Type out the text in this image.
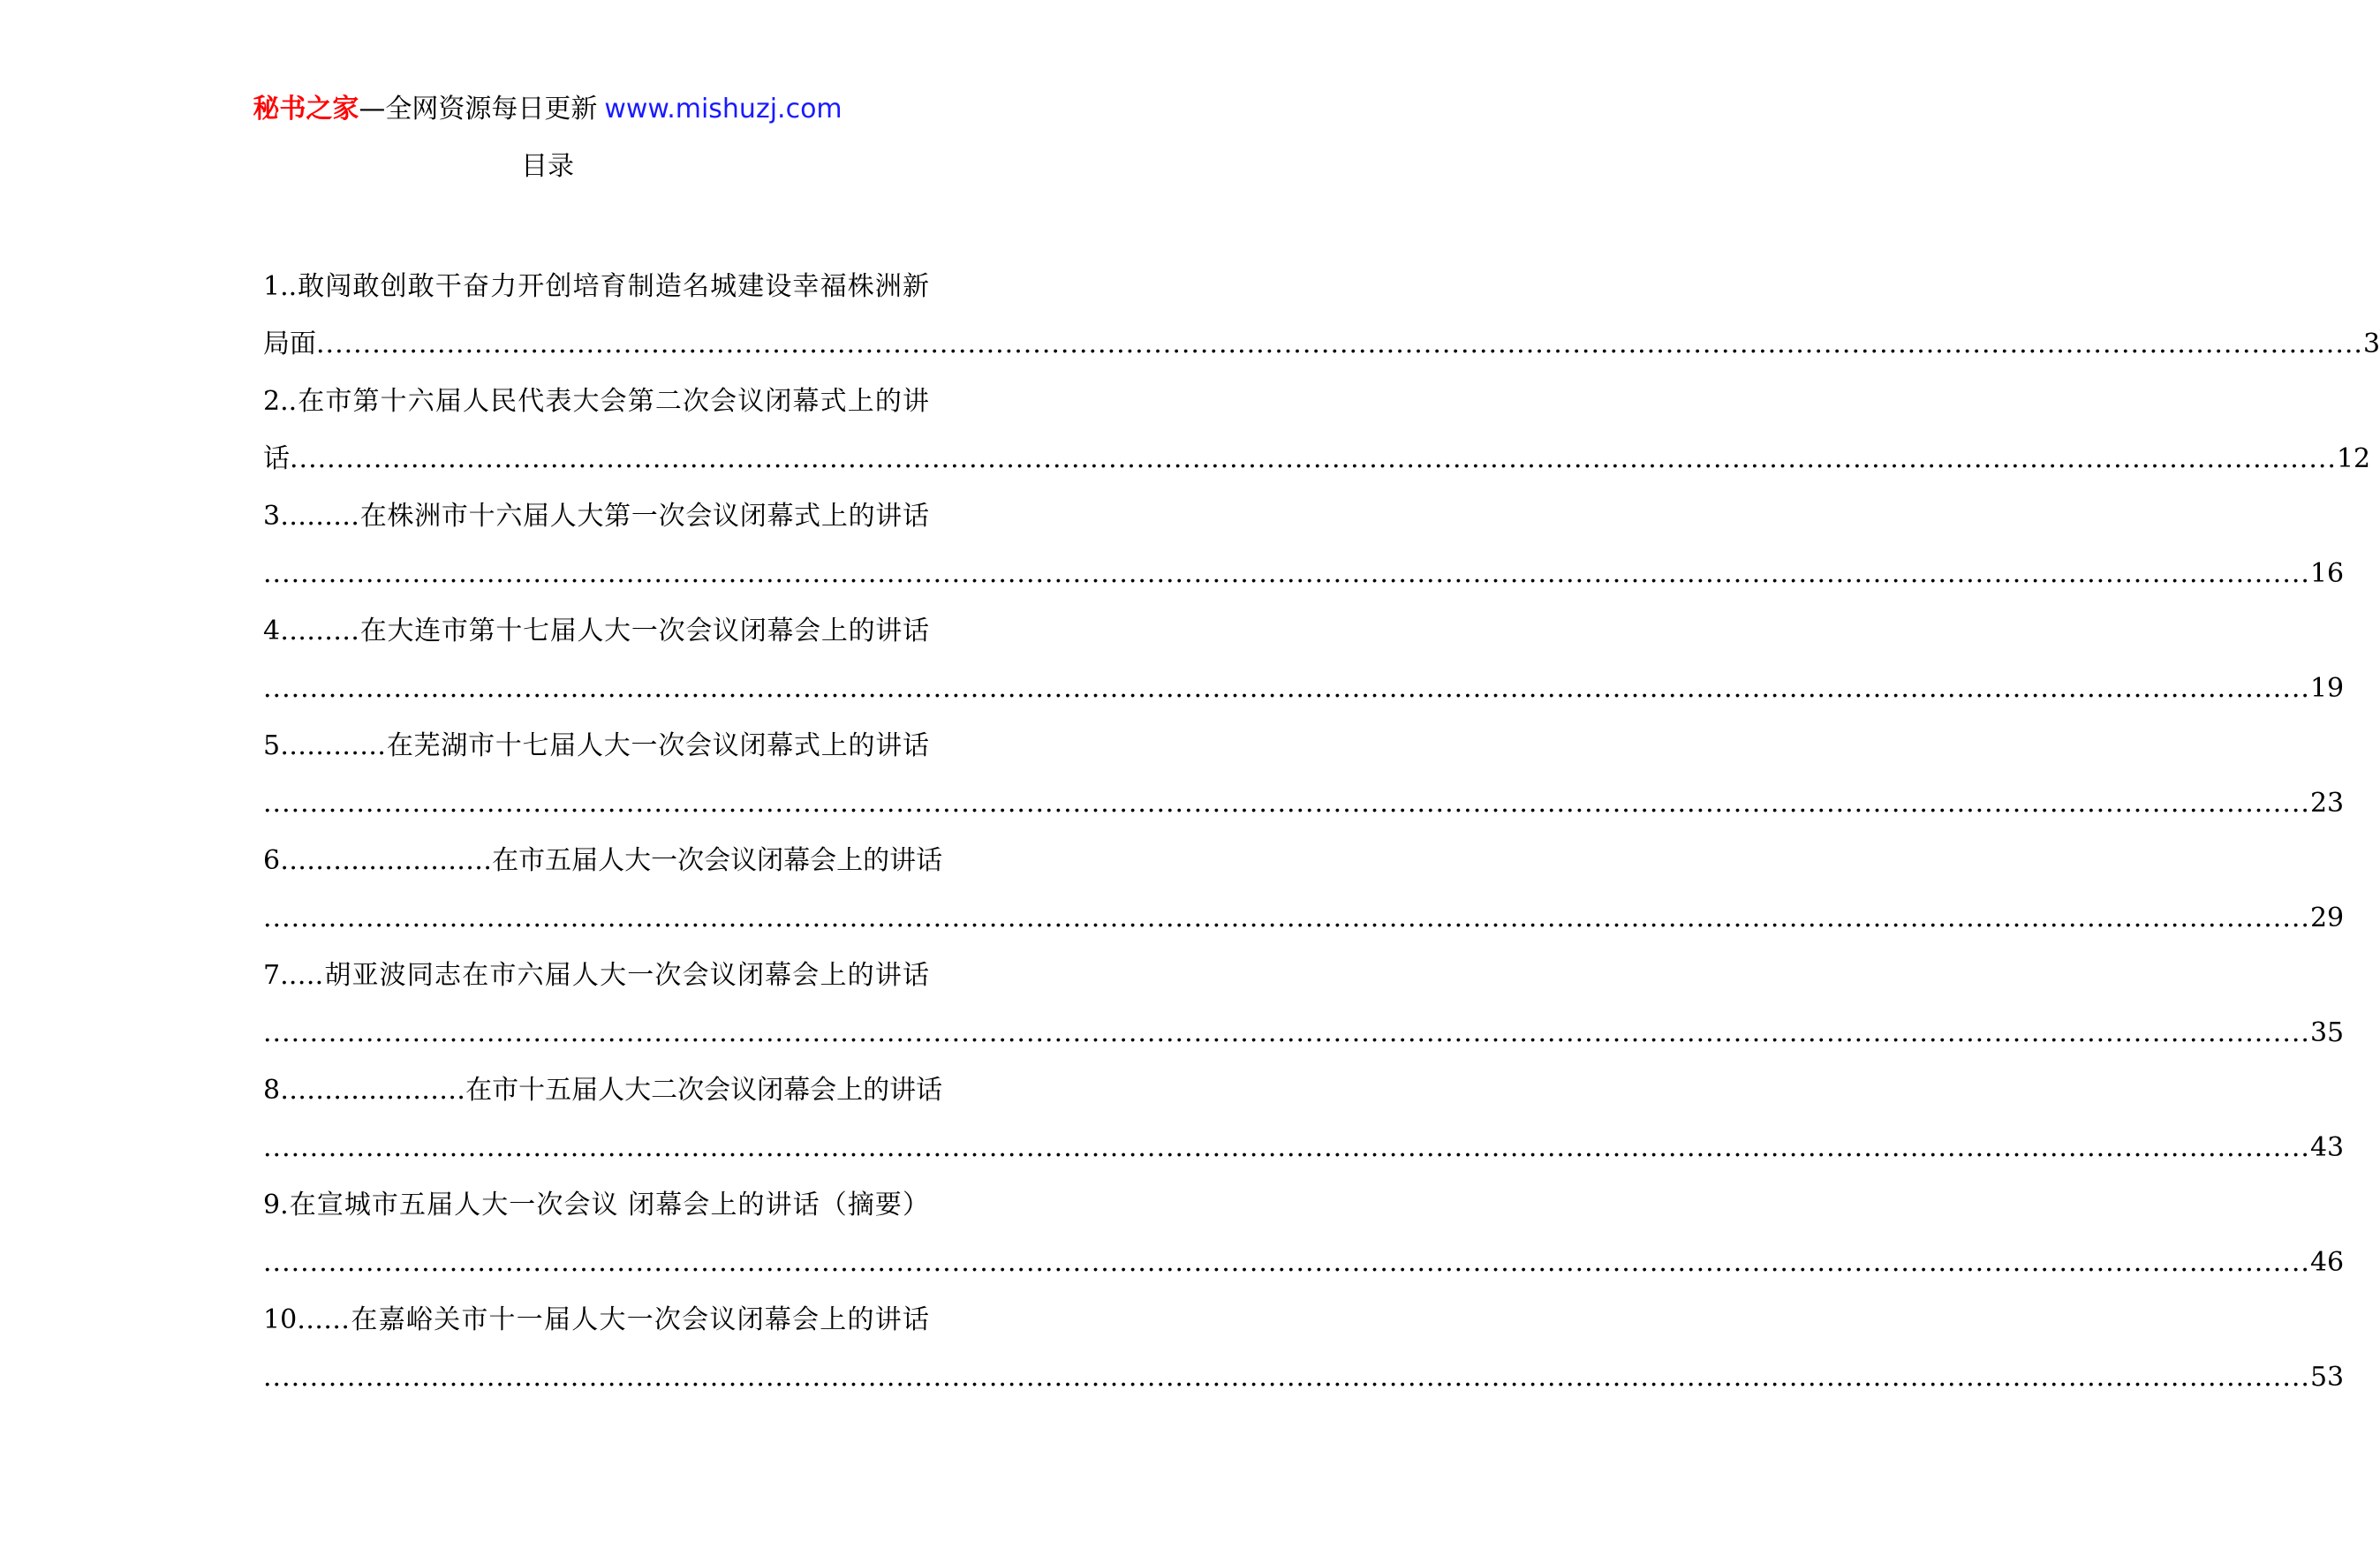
秘书之家—全网资源每日更新 www.mishuzj.com
目录
1..敢闯敢创敢干奋力开创培育制造名城建设幸福株洲新
局面 ............................................................................................................................................................................................................................ 3
2..在市第十六届人民代表大会第二次会议闭幕式上的讲
话 ............................................................................................................................................................................................................................ 12
3………在株洲市十六届人大第一次会议闭幕式上的讲话
............................................................................................................................................................................................................................ 16
4………在大连市第十七届人大一次会议闭幕会上的讲话
............................................................................................................................................................................................................................ 19
5…………在芜湖市十七届人大一次会议闭幕式上的讲话
............................................................................................................................................................................................................................ 23
6……………………在市五届人大一次会议闭幕会上的讲话
............................................................................................................................................................................................................................ 29
7.….胡亚波同志在市六届人大一次会议闭幕会上的讲话
............................................................................................................................................................................................................................ 35
8…………………在市十五届人大二次会议闭幕会上的讲话
............................................................................................................................................................................................................................ 43
9.在宣城市五届人大一次会议 闭幕会上的讲话（摘要）
............................................................................................................................................................................................................................ 46
10……在嘉峪关市十一届人大一次会议闭幕会上的讲话
............................................................................................................................................................................................................................ 53
